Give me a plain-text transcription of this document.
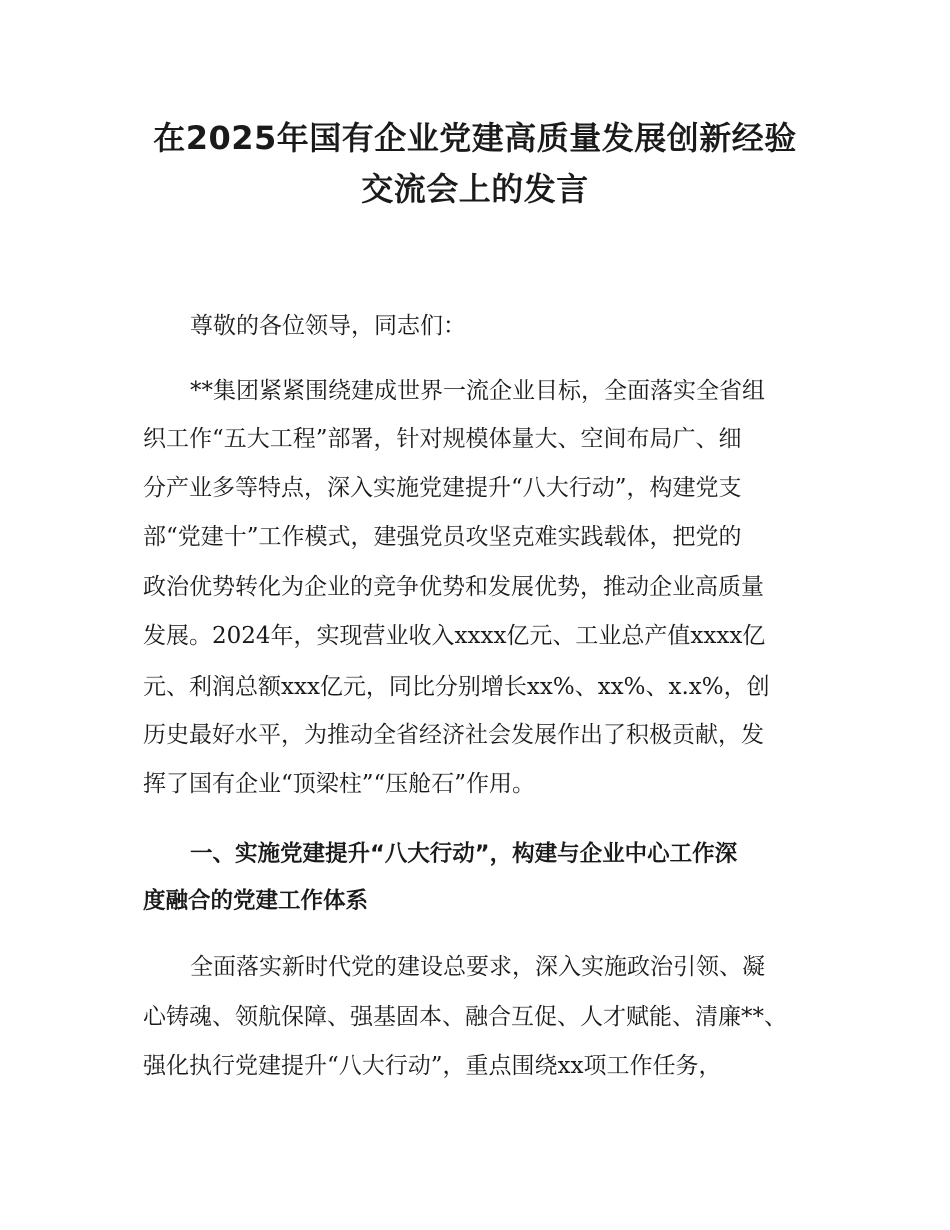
在2025年国有企业党建高质量发展创新经验
交流会上的发言
尊敬的各位领导，同志们：
**集团紧紧围绕建成世界一流企业目标，全面落实全省组
织工作“五大工程”部署，针对规模体量大、空间布局广、细
分产业多等特点，深入实施党建提升“八大行动”，构建党支
部“党建十”工作模式，建强党员攻坚克难实践载体，把党的
政治优势转化为企业的竞争优势和发展优势，推动企业高质量
发展。2024年，实现营业收入xxxx亿元、工业总产值xxxx亿
元、利润总额xxx亿元，同比分别增长xx%、xx%、x.x%，创
历史最好水平，为推动全省经济社会发展作出了积极贡献，发
挥了国有企业“顶梁柱”“压舱石”作用。
一、实施党建提升“八大行动”，构建与企业中心工作深
度融合的党建工作体系
全面落实新时代党的建设总要求，深入实施政治引领、凝
心铸魂、领航保障、强基固本、融合互促、人才赋能、清廉**、
强化执行党建提升“八大行动”，重点围绕xx项工作任务，
